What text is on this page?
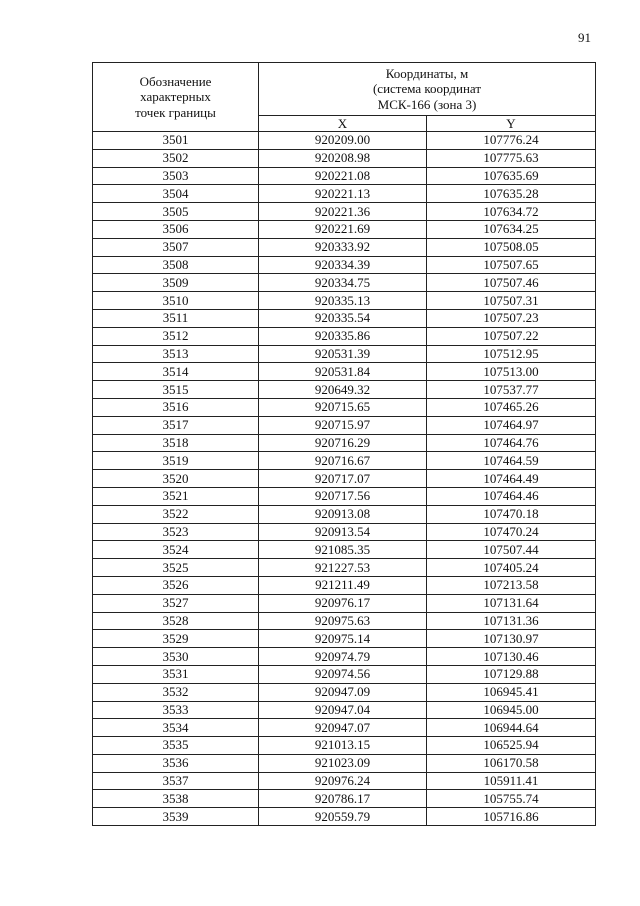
91
Обозначение
характерных
точек границы	Координаты, м
(система координат
МСК-166 (зона 3)	

	X	Y
3501	920209.00	107776.24
3502	920208.98	107775.63
3503	920221.08	107635.69
3504	920221.13	107635.28
3505	920221.36	107634.72
3506	920221.69	107634.25
3507	920333.92	107508.05
3508	920334.39	107507.65
3509	920334.75	107507.46
3510	920335.13	107507.31
3511	920335.54	107507.23
3512	920335.86	107507.22
3513	920531.39	107512.95
3514	920531.84	107513.00
3515	920649.32	107537.77
3516	920715.65	107465.26
3517	920715.97	107464.97
3518	920716.29	107464.76
3519	920716.67	107464.59
3520	920717.07	107464.49
3521	920717.56	107464.46
3522	920913.08	107470.18
3523	920913.54	107470.24
3524	921085.35	107507.44
3525	921227.53	107405.24
3526	921211.49	107213.58
3527	920976.17	107131.64
3528	920975.63	107131.36
3529	920975.14	107130.97
3530	920974.79	107130.46
3531	920974.56	107129.88
3532	920947.09	106945.41
3533	920947.04	106945.00
3534	920947.07	106944.64
3535	921013.15	106525.94
3536	921023.09	106170.58
3537	920976.24	105911.41
3538	920786.17	105755.74
3539	920559.79	105716.86
